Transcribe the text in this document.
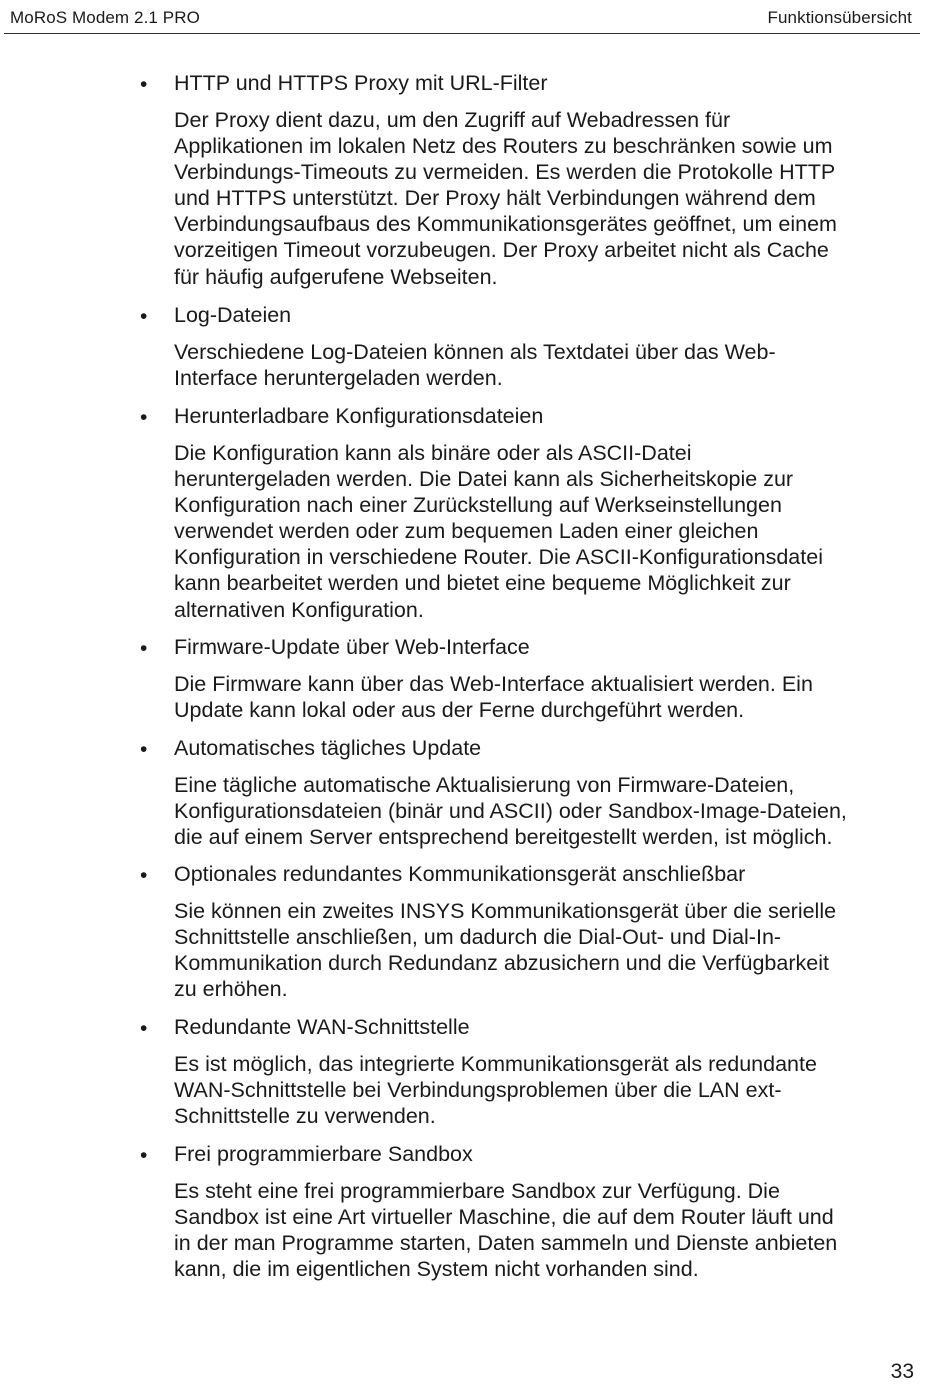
MoRoS Modem 2.1 PRO	Funktionsübersicht
• HTTP und HTTPS Proxy mit URL-Filter
Der Proxy dient dazu, um den Zugriff auf Webadressen für
Applikationen im lokalen Netz des Routers zu beschränken sowie um
Verbindungs-Timeouts zu vermeiden. Es werden die Protokolle HTTP
und HTTPS unterstützt. Der Proxy hält Verbindungen während dem
Verbindungsaufbaus des Kommunikationsgerätes geöffnet, um einem
vorzeitigen Timeout vorzubeugen. Der Proxy arbeitet nicht als Cache
für häufig aufgerufene Webseiten.
• Log-Dateien
Verschiedene Log-Dateien können als Textdatei über das Web-
Interface heruntergeladen werden.
• Herunterladbare Konfigurationsdateien
Die Konfiguration kann als binäre oder als ASCII-Datei
heruntergeladen werden. Die Datei kann als Sicherheitskopie zur
Konfiguration nach einer Zurückstellung auf Werkseinstellungen
verwendet werden oder zum bequemen Laden einer gleichen
Konfiguration in verschiedene Router. Die ASCII-Konfigurationsdatei
kann bearbeitet werden und bietet eine bequeme Möglichkeit zur
alternativen Konfiguration.
• Firmware-Update über Web-Interface
Die Firmware kann über das Web-Interface aktualisiert werden. Ein
Update kann lokal oder aus der Ferne durchgeführt werden.
• Automatisches tägliches Update
Eine tägliche automatische Aktualisierung von Firmware-Dateien,
Konfigurationsdateien (binär und ASCII) oder Sandbox-Image-Dateien,
die auf einem Server entsprechend bereitgestellt werden, ist möglich.
• Optionales redundantes Kommunikationsgerät anschließbar
Sie können ein zweites INSYS Kommunikationsgerät über die serielle
Schnittstelle anschließen, um dadurch die Dial-Out- und Dial-In-
Kommunikation durch Redundanz abzusichern und die Verfügbarkeit
zu erhöhen.
• Redundante WAN-Schnittstelle
Es ist möglich, das integrierte Kommunikationsgerät als redundante
WAN-Schnittstelle bei Verbindungsproblemen über die LAN ext-
Schnittstelle zu verwenden.
• Frei programmierbare Sandbox
Es steht eine frei programmierbare Sandbox zur Verfügung. Die
Sandbox ist eine Art virtueller Maschine, die auf dem Router läuft und
in der man Programme starten, Daten sammeln und Dienste anbieten
kann, die im eigentlichen System nicht vorhanden sind.
33
